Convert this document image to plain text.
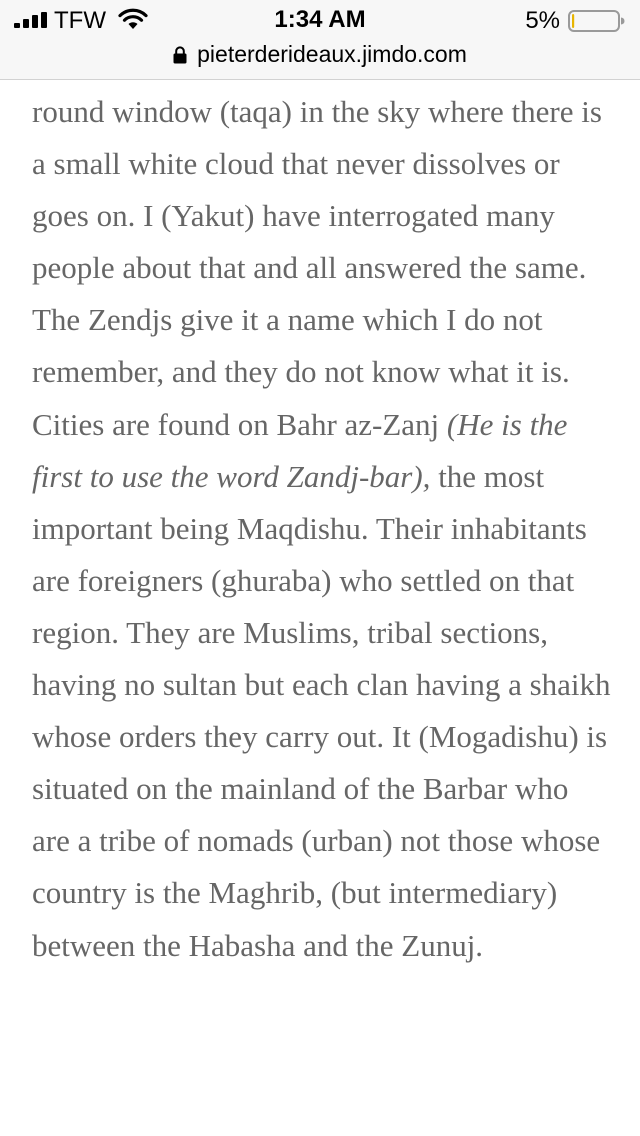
TFW	1:34 AM	5%
pieterderideaux.jimdo.com

round window (taqa) in the sky where there is a small white cloud that never dissolves or goes on. I (Yakut) have interrogated many people about that and all answered the same. The Zendjs give it a name which I do not remember, and they do not know what it is.

Cities are found on Bahr az-Zanj (He is the first to use the word Zandj-bar), the most important being Maqdishu. Their inhabitants are foreigners (ghuraba) who settled on that region. They are Muslims, tribal sections, having no sultan but each clan having a shaikh whose orders they carry out. It (Mogadishu) is situated on the mainland of the Barbar who are a tribe of nomads (urban) not those whose country is the Maghrib, (but intermediary) between the Habasha and the Zunuj.
